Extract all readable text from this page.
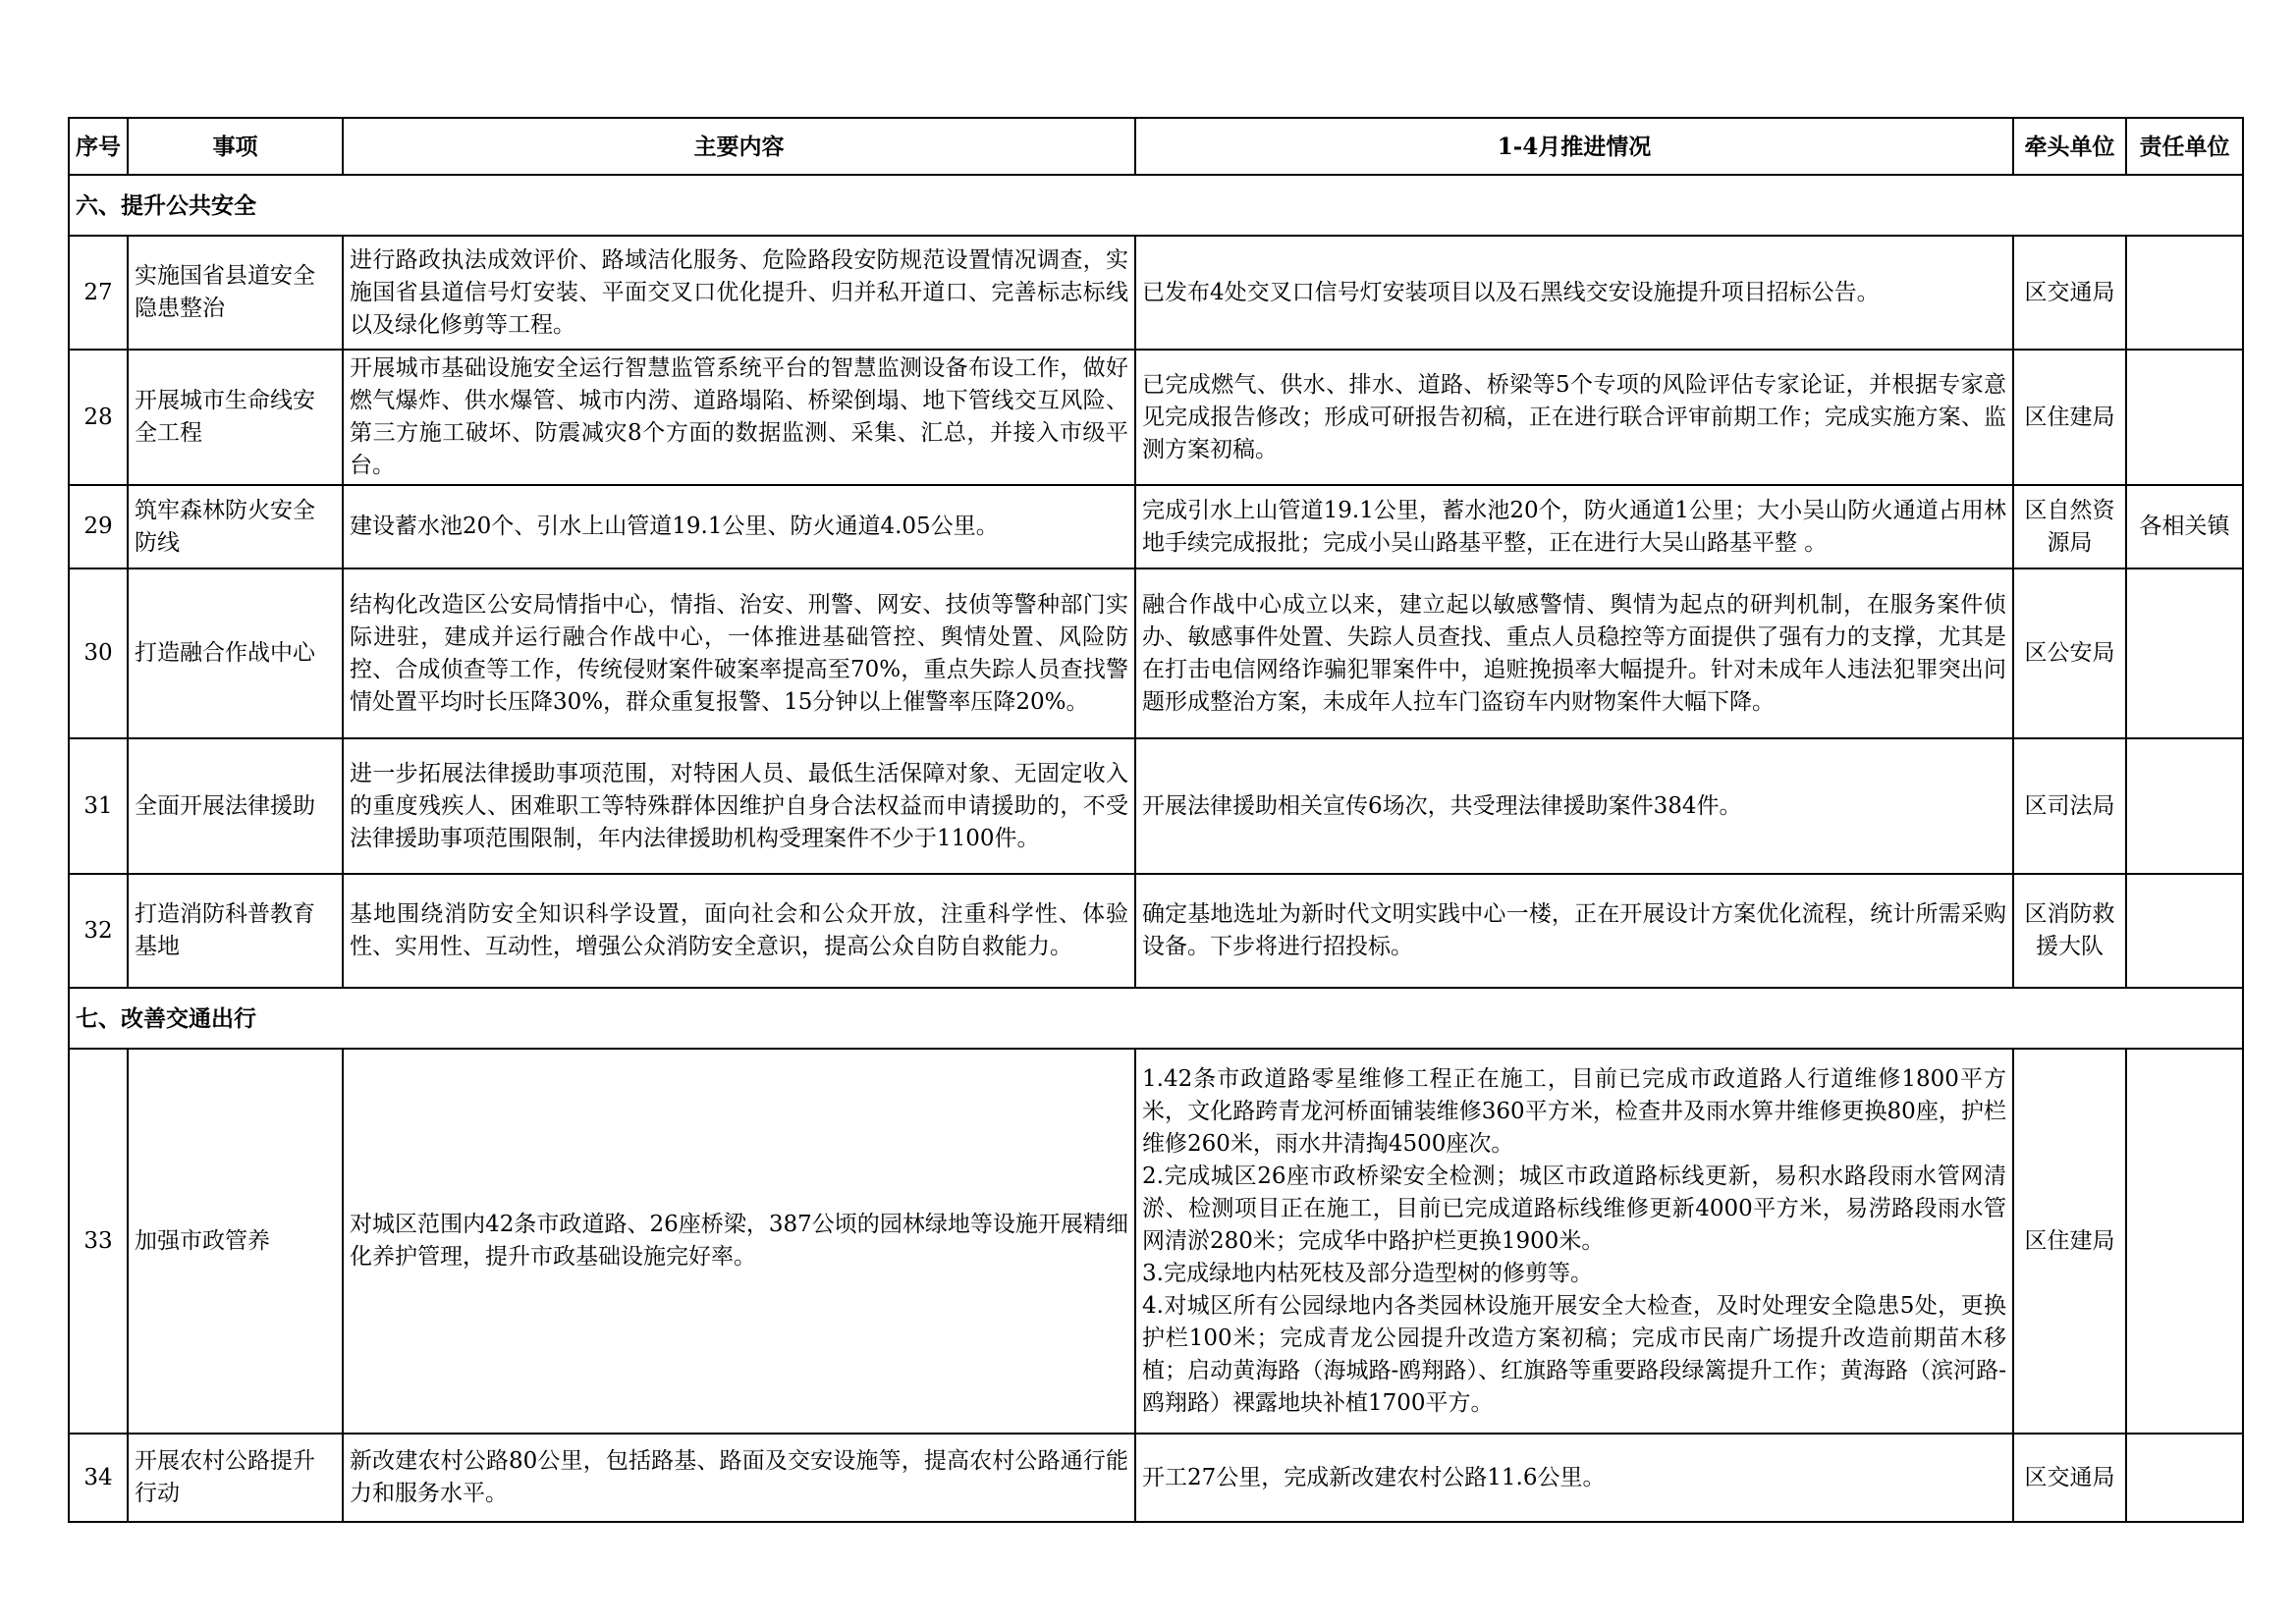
序号	事项	主要内容	1-4月推进情况	牵头单位	责任单位
六、提升公共安全					
27	实施国省县道安全隐患整治	进行路政执法成效评价、路域洁化服务、危险路段安防规范设置情况调查，实施国省县道信号灯安装、平面交叉口优化提升、归并私开道口、完善标志标线以及绿化修剪等工程。	已发布4处交叉口信号灯安装项目以及石黑线交安设施提升项目招标公告。	区交通局	
28	开展城市生命线安全工程	开展城市基础设施安全运行智慧监管系统平台的智慧监测设备布设工作，做好燃气爆炸、供水爆管、城市内涝、道路塌陷、桥梁倒塌、地下管线交互风险、第三方施工破坏、防震减灾8个方面的数据监测、采集、汇总，并接入市级平台。	已完成燃气、供水、排水、道路、桥梁等5个专项的风险评估专家论证，并根据专家意见完成报告修改；形成可研报告初稿，正在进行联合评审前期工作；完成实施方案、监测方案初稿。	区住建局	
29	筑牢森林防火安全防线	建设蓄水池20个、引水上山管道19.1公里、防火通道4.05公里。	完成引水上山管道19.1公里，蓄水池20个，防火通道1公里；大小吴山防火通道占用林地手续完成报批；完成小吴山路基平整，正在进行大吴山路基平整 。	区自然资源局	各相关镇
30	打造融合作战中心	结构化改造区公安局情指中心，情指、治安、刑警、网安、技侦等警种部门实际进驻，建成并运行融合作战中心，一体推进基础管控、舆情处置、风险防控、合成侦查等工作，传统侵财案件破案率提高至70%，重点失踪人员查找警情处置平均时长压降30%，群众重复报警、15分钟以上催警率压降20%。	融合作战中心成立以来，建立起以敏感警情、舆情为起点的研判机制，在服务案件侦办、敏感事件处置、失踪人员查找、重点人员稳控等方面提供了强有力的支撑，尤其是在打击电信网络诈骗犯罪案件中，追赃挽损率大幅提升。针对未成年人违法犯罪突出问题形成整治方案，未成年人拉车门盗窃车内财物案件大幅下降。	区公安局	
31	全面开展法律援助	进一步拓展法律援助事项范围，对特困人员、最低生活保障对象、无固定收入的重度残疾人、困难职工等特殊群体因维护自身合法权益而申请援助的，不受法律援助事项范围限制，年内法律援助机构受理案件不少于1100件。	开展法律援助相关宣传6场次，共受理法律援助案件384件。	区司法局	
32	打造消防科普教育基地	基地围绕消防安全知识科学设置，面向社会和公众开放，注重科学性、体验性、实用性、互动性，增强公众消防安全意识，提高公众自防自救能力。	确定基地选址为新时代文明实践中心一楼，正在开展设计方案优化流程，统计所需采购设备。下步将进行招投标。	区消防救援大队	
七、改善交通出行					
33	加强市政管养	对城区范围内42条市政道路、26座桥梁，387公顷的园林绿地等设施开展精细化养护管理，提升市政基础设施完好率。	1.42条市政道路零星维修工程正在施工，目前已完成市政道路人行道维修1800平方米，文化路跨青龙河桥面铺装维修360平方米，检查井及雨水箅井维修更换80座，护栏维修260米，雨水井清掏4500座次。
2.完成城区26座市政桥梁安全检测；城区市政道路标线更新，易积水路段雨水管网清淤、检测项目正在施工，目前已完成道路标线维修更新4000平方米，易涝路段雨水管网清淤280米；完成华中路护栏更换1900米。
3.完成绿地内枯死枝及部分造型树的修剪等。
4.对城区所有公园绿地内各类园林设施开展安全大检查，及时处理安全隐患5处，更换护栏100米；完成青龙公园提升改造方案初稿；完成市民南广场提升改造前期苗木移植；启动黄海路（海城路-鸥翔路）、红旗路等重要路段绿篱提升工作；黄海路（滨河路-鸥翔路）裸露地块补植1700平方。	区住建局	
34	开展农村公路提升行动	新改建农村公路80公里，包括路基、路面及交安设施等，提高农村公路通行能力和服务水平。	开工27公里，完成新改建农村公路11.6公里。	区交通局	
